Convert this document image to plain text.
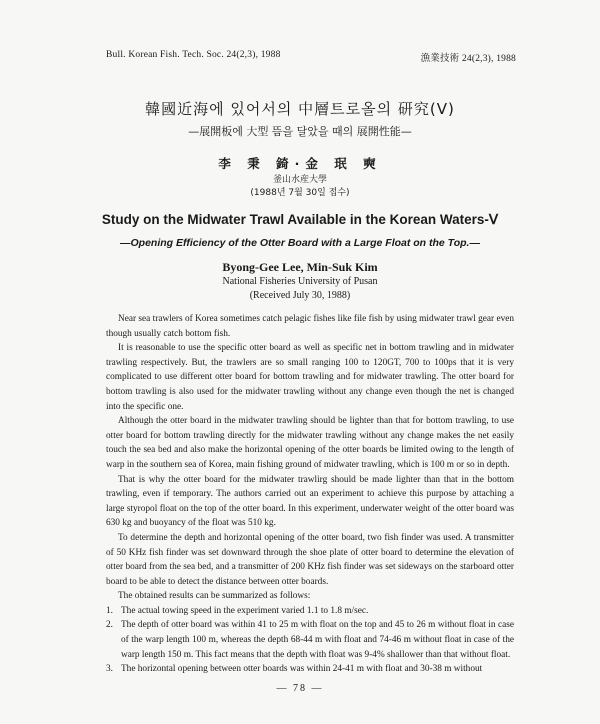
Bull. Korean Fish. Tech. Soc. 24(2,3), 1988	漁業技術 24(2,3), 1988
韓國近海에 있어서의 中層트로올의 研究(Ⅴ)
—展開板에 大型 뜸을 달았을 때의 展開性能—
李 秉 錡·金 珉 奭
釜山水産大學
(1988년 7월 30일 접수)
Study on the Midwater Trawl Available in the Korean Waters-Ⅴ
—Opening Efficiency of the Otter Board with a Large Float on the Top.—
Byong-Gee Lee, Min-Suk Kim
National Fisheries University of Pusan
(Received July 30, 1988)

Near sea trawlers of Korea sometimes catch pelagic fishes like file fish by using midwater trawl gear even though usually catch bottom fish.

It is reasonable to use the specific otter board as well as specific net in bottom trawling and in midwater trawling respectively. But, the trawlers are so small ranging 100 to 120GT, 700 to 100ps that it is very complicated to use different otter board for bottom trawling and for midwater trawling. The otter board for bottom trawling is also used for the midwater trawling without any change even though the net is changed into the specific one.

Although the otter board in the midwater trawling should be lighter than that for bottom trawling, to use otter board for bottom trawling directly for the midwater trawling without any change makes the net easily touch the sea bed and also make the horizontal opening of the otter boards be limited owing to the length of warp in the southern sea of Korea, main fishing ground of midwater trawling, which is 100 m or so in depth.

That is why the otter board for the midwater trawlirg should be made lighter than that in the bottom trawling, even if temporary. The authors carried out an experiment to achieve this purpose by attaching a large styropol float on the top of the otter board. In this experiment, underwater weight of the otter board was 630 kg and buoyancy of the float was 510 kg.

To determine the depth and horizontal opening of the otter board, two fish finder was used. A transmitter of 50 KHz fish finder was set downward through the shoe plate of otter board to determine the elevation of otter board from the sea bed, and a transmitter of 200 KHz fish finder was set sideways on the starboard otter board to be able to detect the distance between otter boards.

The obtained results can be summarized as follows:

1. The actual towing speed in the experiment varied 1.1 to 1.8 m/sec.

2. The depth of otter board was within 41 to 25 m with float on the top and 45 to 26 m without float in case of the warp length 100 m, whereas the depth 68-44 m with float and 74-46 m without float in case of the warp length 150 m. This fact means that the depth with float was 9-4% shallower than that without float.

3. The horizontal opening between otter boards was within 24-41 m with float and 30-38 m without

— 78 —
